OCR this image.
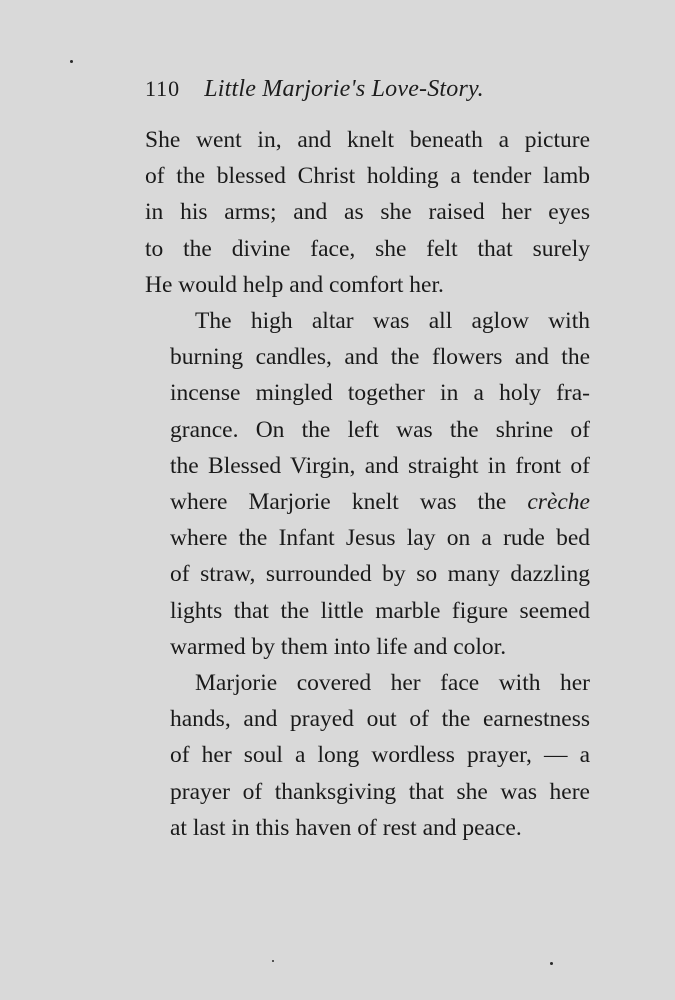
110 Little Marjorie's Love-Story.
She went in, and knelt beneath a picture
of the blessed Christ holding a tender lamb
in his arms; and as she raised her eyes
to the divine face, she felt that surely
He would help and comfort her.
The high altar was all aglow with
burning candles, and the flowers and the
incense mingled together in a holy fra-
grance. On the left was the shrine of
the Blessed Virgin, and straight in front of
where Marjorie knelt was the crèche
where the Infant Jesus lay on a rude bed
of straw, surrounded by so many dazzling
lights that the little marble figure seemed
warmed by them into life and color.
Marjorie covered her face with her
hands, and prayed out of the earnestness
of her soul a long wordless prayer, — a
prayer of thanksgiving that she was here
at last in this haven of rest and peace.
